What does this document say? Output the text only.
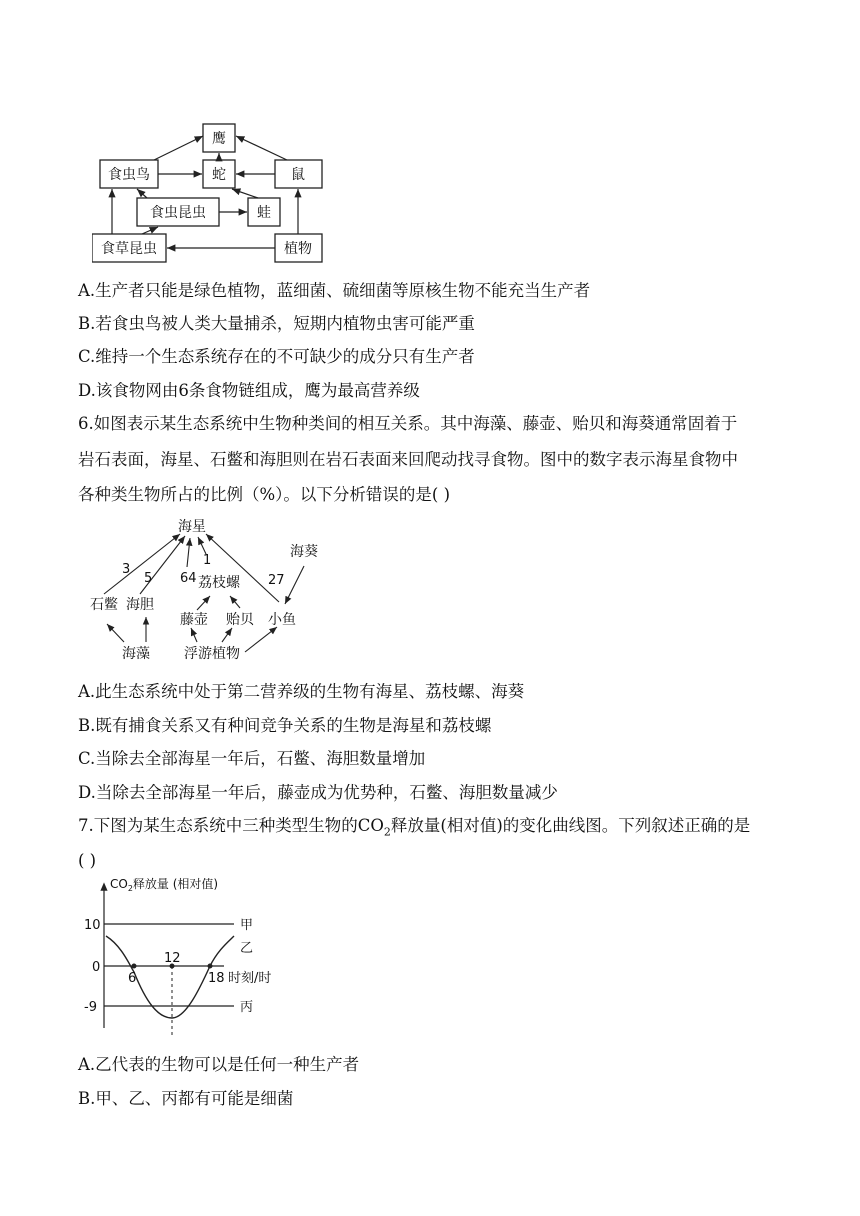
鹰
食虫鸟	蛇	鼠
食虫昆虫	蛙
食草昆虫	植物
A.生产者只能是绿色植物，蓝细菌、硫细菌等原核生物不能充当生产者
B.若食虫鸟被人类大量捕杀，短期内植物虫害可能严重
C.维持一个生态系统存在的不可缺少的成分只有生产者
D.该食物网由6条食物链组成，鹰为最高营养级
6.如图表示某生态系统中生物种类间的相互关系。其中海藻、藤壶、贻贝和海葵通常固着于
岩石表面，海星、石鳖和海胆则在岩石表面来回爬动找寻食物。图中的数字表示海星食物中
各种类生物所占的比例（%）。以下分析错误的是( )
海星
海葵
石鳖 海胆
荔枝螺
藤壶 贻贝 小鱼
海藻 浮游植物
3
5 64
1
27
A.此生态系统中处于第二营养级的生物有海星、荔枝螺、海葵
B.既有捕食关系又有种间竞争关系的生物是海星和荔枝螺
C.当除去全部海星一年后，石鳖、海胆数量增加
D.当除去全部海星一年后，藤壶成为优势种，石鳖、海胆数量减少
7.下图为某生态系统中三种类型生物的$CO_2$释放量(相对值)的变化曲线图。下列叙述正确的是
( )
$CO_2$释放量 (相对值)
10
0
-9
6
12
18 时刻/时
甲
乙
丙
A.乙代表的生物可以是任何一种生产者
B.甲、乙、丙都有可能是细菌
